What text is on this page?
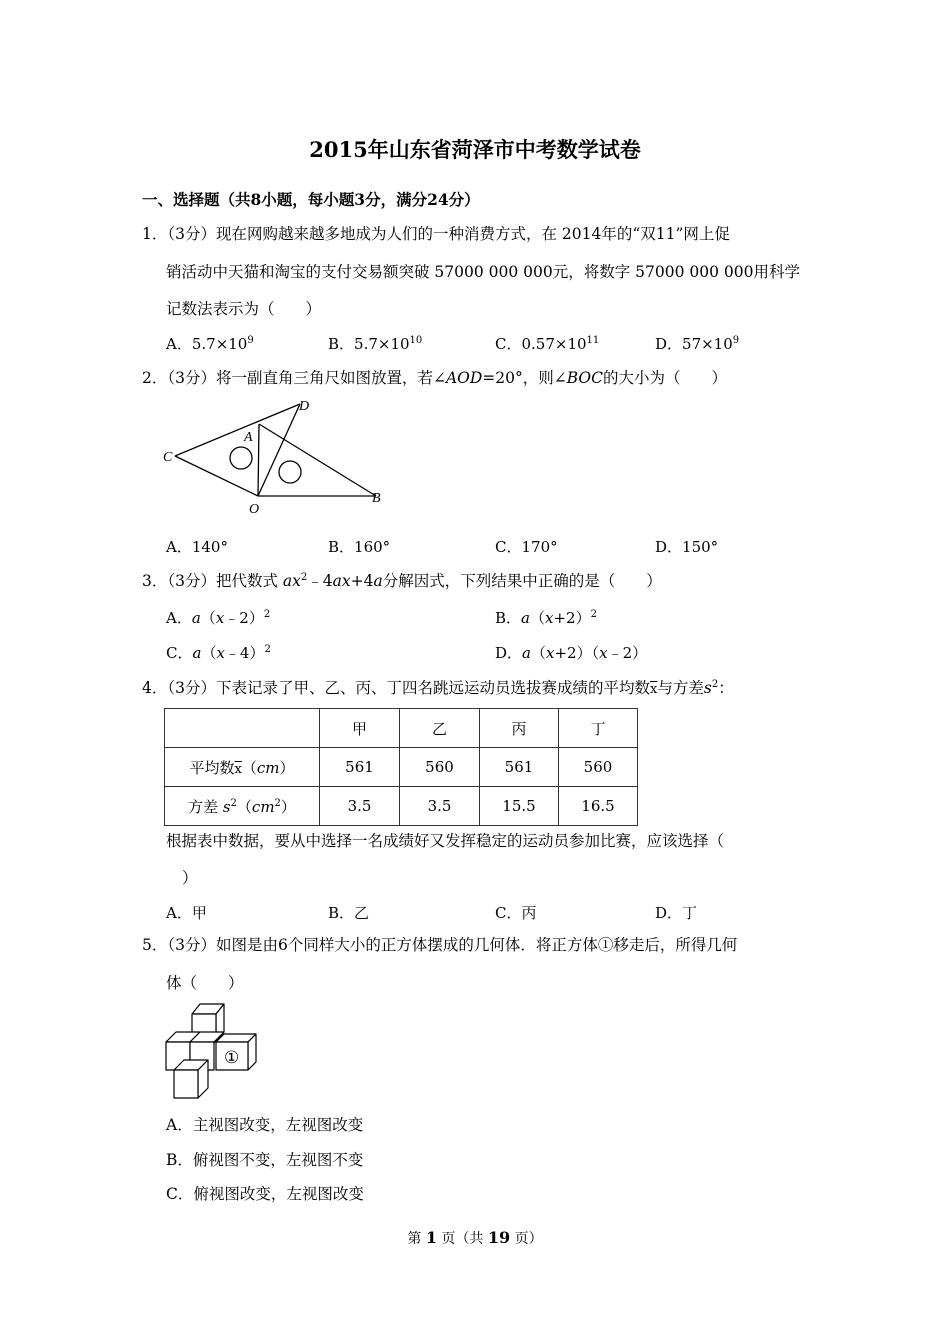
2015年山东省菏泽市中考数学试卷
一、选择题（共8小题，每小题3分，满分24分）
1．（3分）现在网购越来越多地成为人们的一种消费方式，在 2014年的“双11”网上促
销活动中天猫和淘宝的支付交易额突破 57000 000 000元，将数字 57000 000 000用科学
记数法表示为（　　）
A．$5.7\times 10^9$	B．$5.7\times 10^{10}$	C．$0.57\times 10^{11}$	D．$57\times 10^9$
2．（3分）将一副直角三角尺如图放置，若∠AOD=20°，则∠BOC的大小为（　　）
C
A
D
O
B
A．140°	B．160°	C．170°	D．150°
3．（3分）把代数式 $ax^2﹣4ax+4a$分解因式，下列结果中正确的是（　　）
A．a（x﹣2）$^2$	B．$a(x+2)^2$
C．a（x﹣4）$^2$	D．a（x+2）（x﹣2）
4．（3分）下表记录了甲、乙、丙、丁四名跳远运动员选拔赛成绩的平均数$\overline{x}$与方差$s^2$：
	甲	乙	丙	丁
平均数$\overline{x}(cm)$	561	560	561	560
方差 $s^2(cm^2)$	3.5	3.5	15.5	16.5
根据表中数据，要从中选择一名成绩好又发挥稳定的运动员参加比赛，应该选择（
）
A．甲	B．乙	C．丙	D．丁
5．（3分）如图是由6个同样大小的正方体摆成的几何体．将正方体①移走后，所得几何
体（　　）
①
A．主视图改变，左视图改变
B．俯视图不变，左视图不变
C．俯视图改变，左视图改变
第 1 页（共 19 页）
